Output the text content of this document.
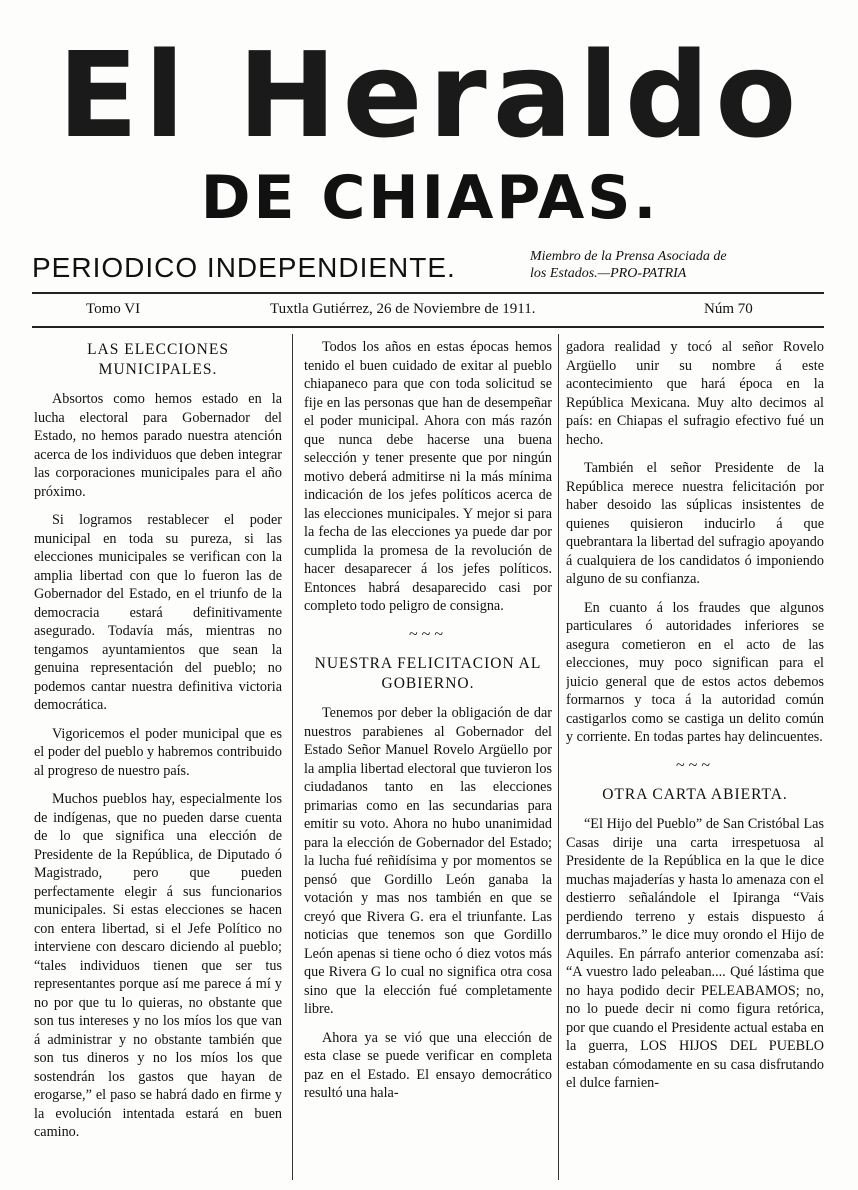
El Heraldo
DE CHIAPAS.
PERIODICO INDEPENDIENTE.	Miembro de la Prensa Asociada de
los Estados.—PRO-PATRIA
Tomo VI	Tuxtla Gutiérrez, 26 de Noviembre de 1911.	Núm 70
LAS ELECCIONES MUNICIPALES.

Absortos como hemos estado en la lucha electoral para Gobernador del Estado, no hemos parado nuestra atención acerca de los individuos que deben integrar las corporaciones municipales para el año próximo.

Si logramos restablecer el poder municipal en toda su pureza, si las elecciones municipales se verifican con la amplia libertad con que lo fueron las de Gobernador del Estado, en el triunfo de la democracia estará definitivamente asegurado. Todavía más, mientras no tengamos ayuntamientos que sean la genuina representación del pueblo; no podemos cantar nuestra definitiva victoria democrática.

Vigoricemos el poder municipal que es el poder del pueblo y habremos contribuido al progreso de nuestro país.

Muchos pueblos hay, especialmente los de indígenas, que no pueden darse cuenta de lo que significa una elección de Presidente de la República, de Diputado ó Magistrado, pero que pueden perfectamente elegir á sus funcionarios municipales. Si estas elecciones se hacen con entera libertad, si el Jefe Político no interviene con descaro diciendo al pueblo; “tales individuos tienen que ser tus representantes porque así me parece á mí y no por que tu lo quieras, no obstante que son tus intereses y no los míos los que van á administrar y no obstante también que son tus dineros y no los míos los que sostendrán los gastos que hayan de erogarse,” el paso se habrá dado en firme y la evolución intentada estará en buen camino.

Todos los años en estas épocas hemos tenido el buen cuidado de exitar al pueblo chiapaneco para que con toda solicitud se fije en las personas que han de desempeñar el poder municipal. Ahora con más razón que nunca debe hacerse una buena selección y tener presente que por ningún motivo deberá admitirse ni la más mínima indicación de los jefes políticos acerca de las elecciones municipales. Y mejor si para la fecha de las elecciones ya puede dar por cumplida la promesa de la revolución de hacer desaparecer á los jefes políticos. Entonces habrá desaparecido casi por completo todo peligro de consigna.

~~~
NUESTRA FELICITACION AL GOBIERNO.

Tenemos por deber la obligación de dar nuestros parabienes al Gobernador del Estado Señor Manuel Rovelo Argüello por la amplia libertad electoral que tuvieron los ciudadanos tanto en las elecciones primarias como en las secundarias para emitir su voto. Ahora no hubo unanimidad para la elección de Gobernador del Estado; la lucha fué reñidísima y por momentos se pensó que Gordillo León ganaba la votación y mas nos también en que se creyó que Rivera G. era el triunfante. Las noticias que tenemos son que Gordillo León apenas si tiene ocho ó diez votos más que Rivera G lo cual no significa otra cosa sino que la elección fué completamente libre.

Ahora ya se vió que una elección de esta clase se puede verificar en completa paz en el Estado. El ensayo democrático resultó una hala-

gadora realidad y tocó al señor Rovelo Argüello unir su nombre á este acontecimiento que hará época en la República Mexicana. Muy alto decimos al país: en Chiapas el sufragio efectivo fué un hecho.

También el señor Presidente de la República merece nuestra felicitación por haber desoido las súplicas insistentes de quienes quisieron inducirlo á que quebrantara la libertad del sufragio apoyando á cualquiera de los candidatos ó imponiendo alguno de su confianza.

En cuanto á los fraudes que algunos particulares ó autoridades inferiores se asegura cometieron en el acto de las elecciones, muy poco significan para el juicio general que de estos actos debemos formarnos y toca á la autoridad común castigarlos como se castiga un delito común y corriente. En todas partes hay delincuentes.

~~~
OTRA CARTA ABIERTA.

“El Hijo del Pueblo” de San Cristóbal Las Casas dirije una carta irrespetuosa al Presidente de la República en la que le dice muchas majaderías y hasta lo amenaza con el destierro señalándole el Ipiranga “Vais perdiendo terreno y estais dispuesto á derrumbaros.” le dice muy orondo el Hijo de Aquiles. En párrafo anterior comenzaba así: “A vuestro lado peleaban.... Qué lástima que no haya podido decir PELEABAMOS; no, no lo puede decir ni como figura retórica, por que cuando el Presidente actual estaba en la guerra, LOS HIJOS DEL PUEBLO estaban cómodamente en su casa disfrutando el dulce farnien-
